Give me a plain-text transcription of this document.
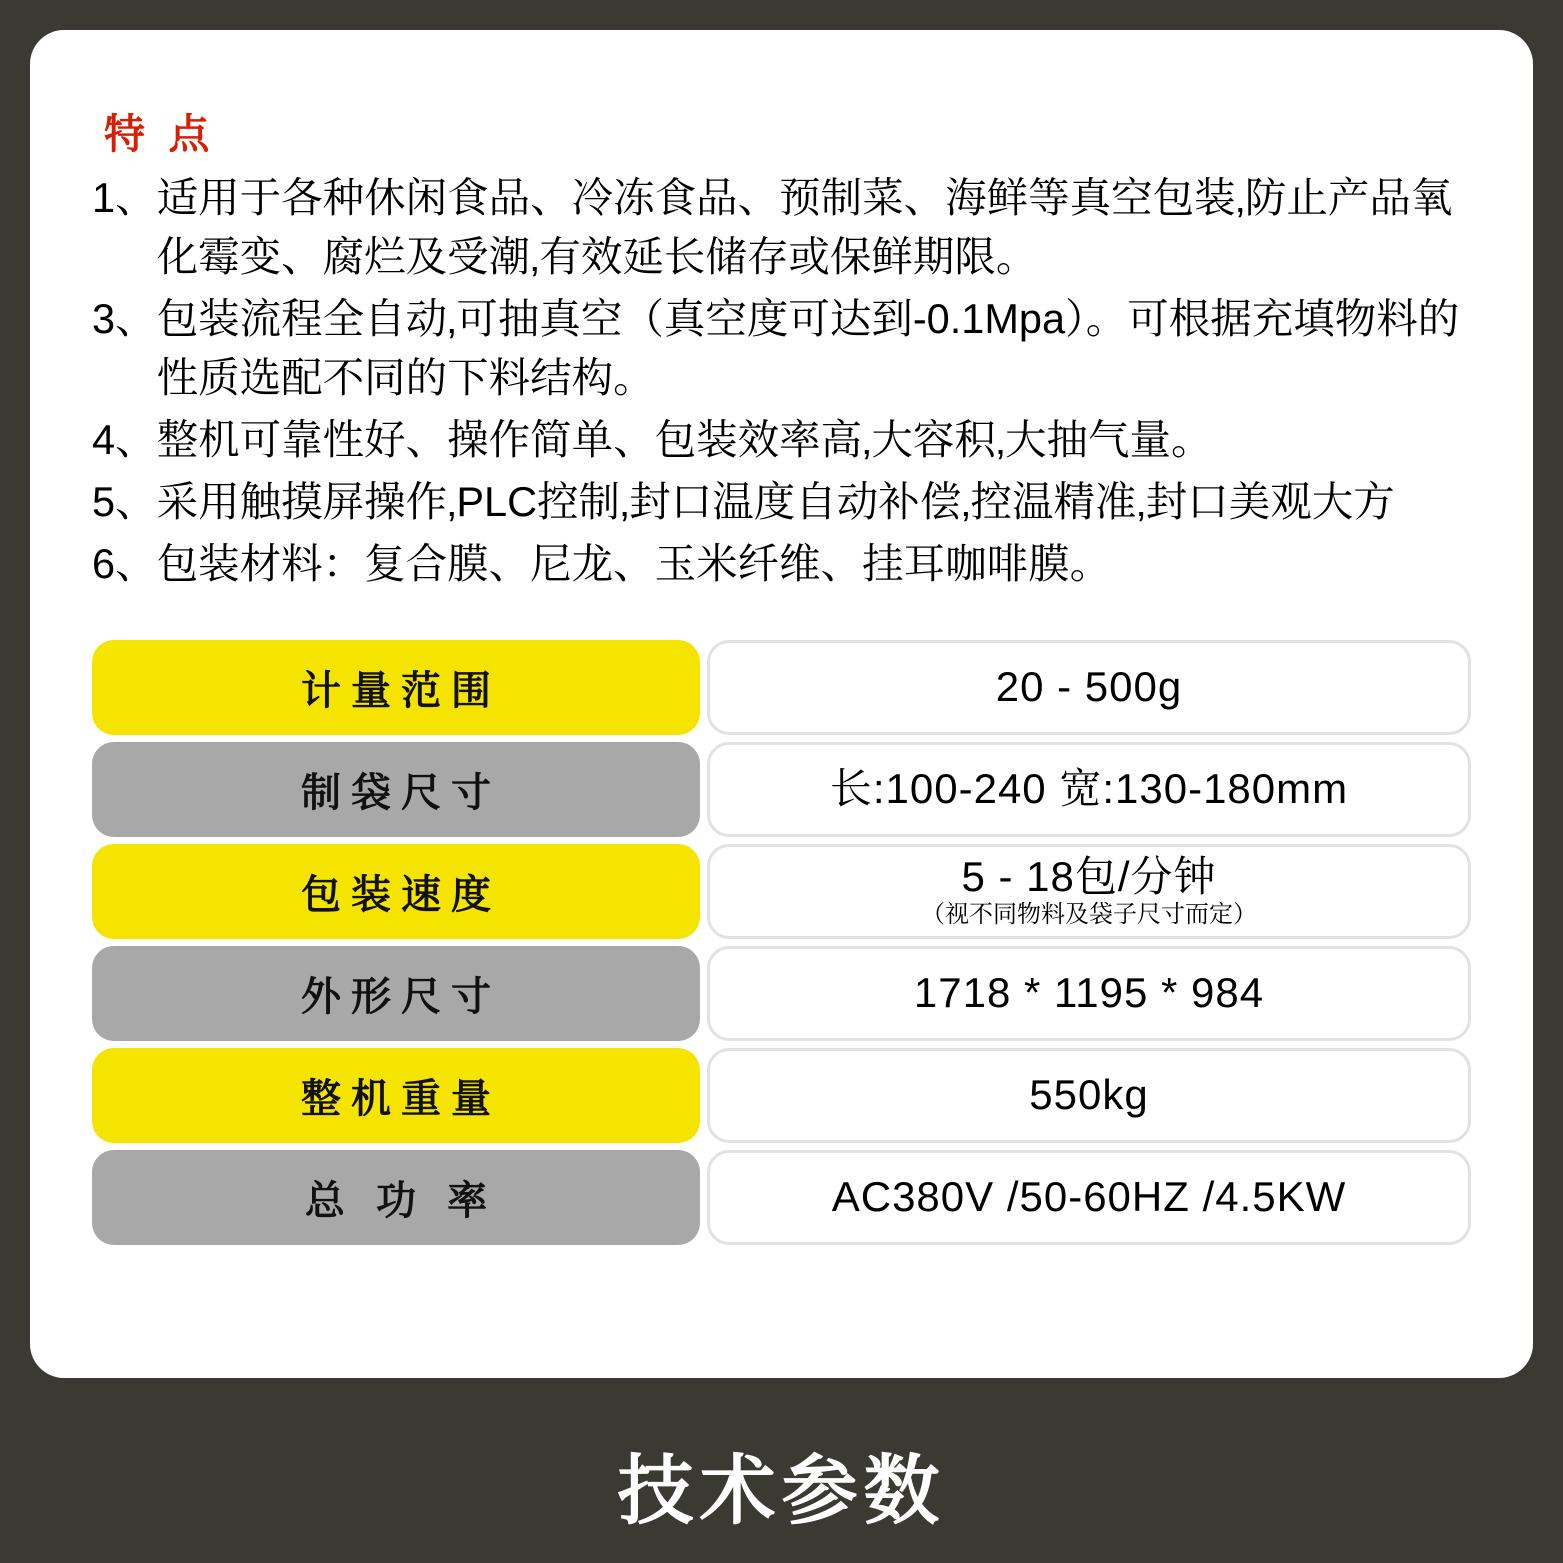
特 点
1、 适用于各种休闲食品、冷冻食品、预制菜、海鲜等真空包装‚防止产品氧化霉变、腐烂及受潮‚有效延长储存或保鲜期限。
3、 包装流程全自动‚可抽真空（真空度可达到-0.1Mpa）。可根据充填物料的性质选配不同的下料结构。
4、 整机可靠性好、操作简单、包装效率高‚大容积‚大抽气量。
5、 采用触摸屏操作‚PLC控制‚封口温度自动补偿‚控温精准‚封口美观大方
6、 包装材料：复合膜、尼龙、玉米纤维、挂耳咖啡膜。
计量范围	20 - 500g
制袋尺寸	长:100-240 宽:130-180mm
包装速度	5 - 18包/分钟
（视不同物料及袋子尺寸而定）
外形尺寸	1718 * 1195 * 984
整机重量	550kg
总 功 率	AC380V /50-60HZ /4.5KW
技术参数
